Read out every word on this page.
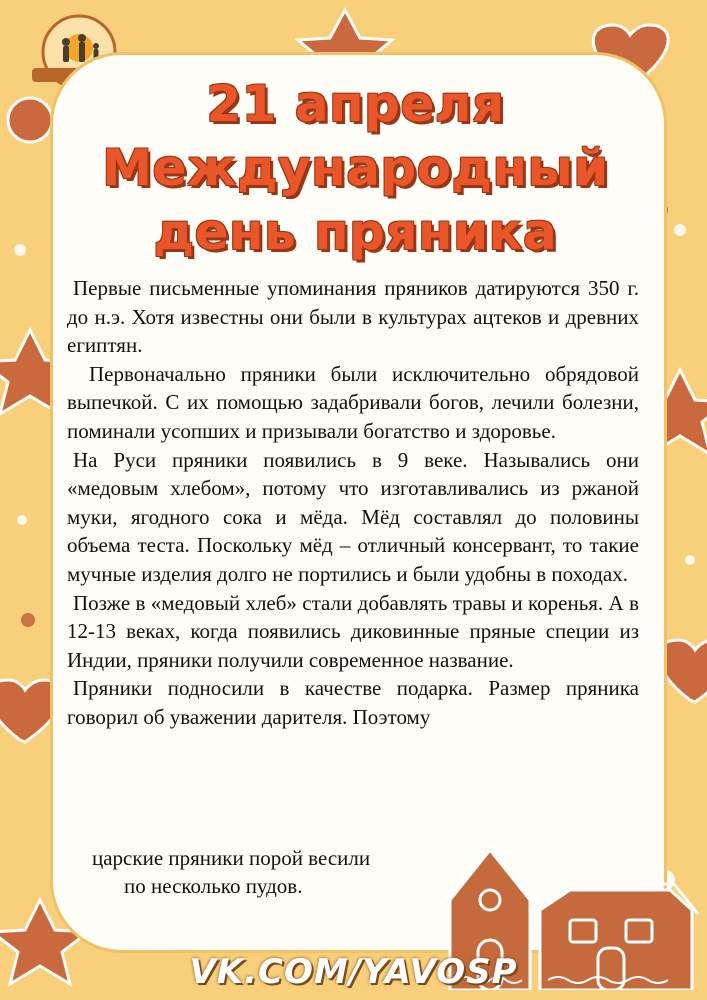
21 апреля
Международный
день пряника

Первые письменные упоминания пряников датируются 350 г. до н.э. Хотя известны они были в культурах ацтеков и древних египтян.

Первоначально пряники были исключительно обрядовой выпечкой. С их помощью задабривали богов, лечили болезни, поминали усопших и призывали богатство и здоровье.

На Руси пряники появились в 9 веке. Назывались они «медовым хлебом», потому что изготавливались из ржаной муки, ягодного сока и мёда. Мёд составлял до половины объема теста. Поскольку мёд – отличный консервант, то такие мучные изделия долго не портились и были удобны в походах.

Позже в «медовый хлеб» стали добавлять травы и коренья. А в 12-13 веках, когда появились диковинные пряные специи из Индии, пряники получили современное название.

Пряники подносили в качестве подарка. Размер пряника говорил об уважении дарителя. Поэтому

царские пряники порой весили
по несколько пудов.
VK.COM/YAVOSP
